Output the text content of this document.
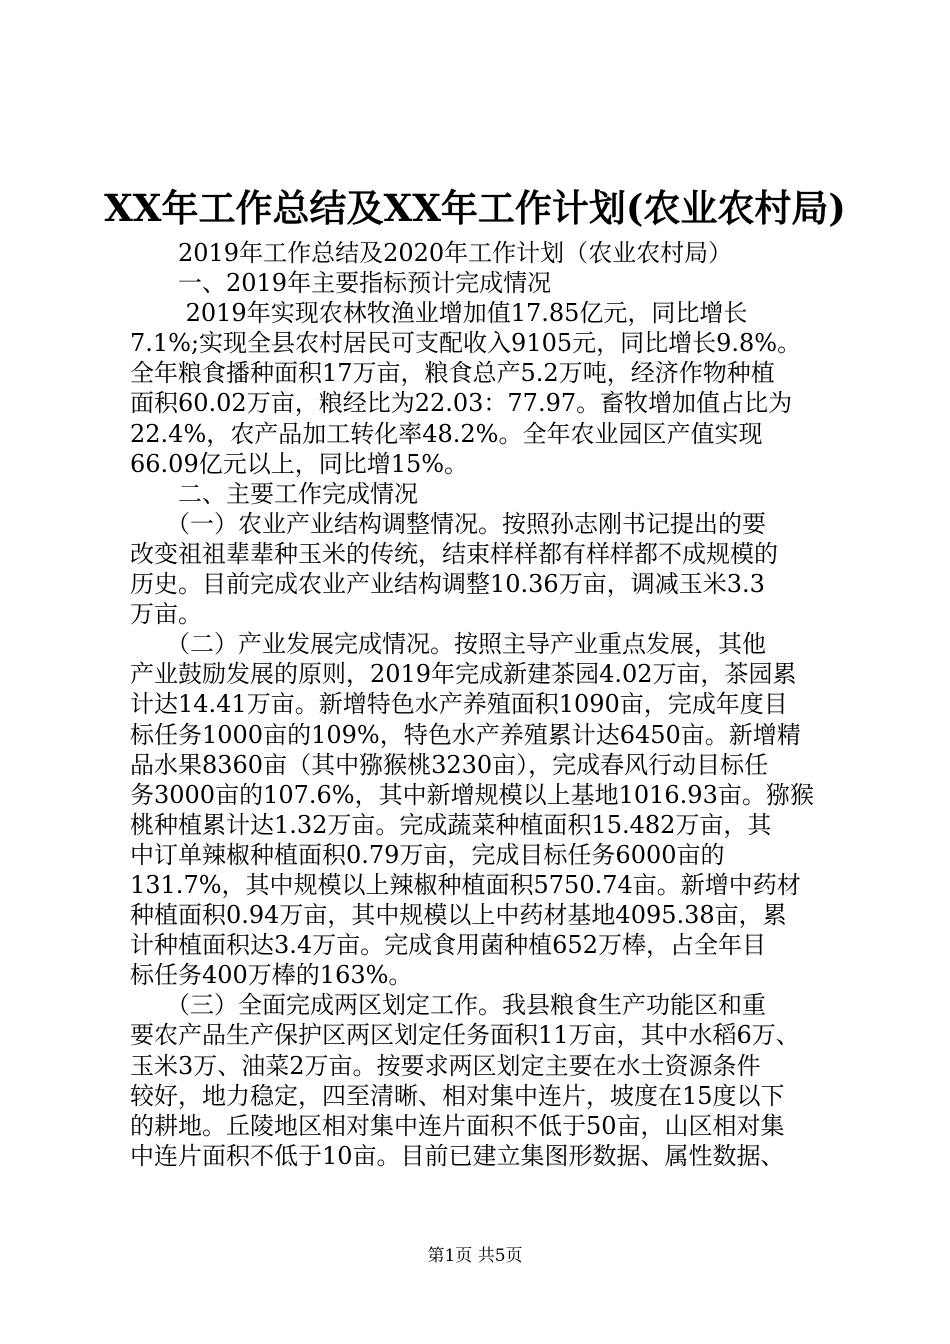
XX年工作总结及XX年工作计划(农业农村局)
　　2019年工作总结及2020年工作计划（农业农村局）
　　一、2019年主要指标预计完成情况
　　 2019年实现农林牧渔业增加值17.85亿元，同比增长
7.1%;实现全县农村居民可支配收入9105元，同比增长9.8%。
全年粮食播种面积17万亩，粮食总产5.2万吨，经济作物种植
面积60.02万亩，粮经比为22.03：77.97。畜牧增加值占比为
22.4%，农产品加工转化率48.2%。全年农业园区产值实现
66.09亿元以上，同比增15%。
　　二、主要工作完成情况
　　（一）农业产业结构调整情况。按照孙志刚书记提出的要
改变祖祖辈辈种玉米的传统，结束样样都有样样都不成规模的
历史。目前完成农业产业结构调整10.36万亩，调减玉米3.3
万亩。
　　（二）产业发展完成情况。按照主导产业重点发展，其他
产业鼓励发展的原则，2019年完成新建茶园4.02万亩，茶园累
计达14.41万亩。新增特色水产养殖面积1090亩，完成年度目
标任务1000亩的109%，特色水产养殖累计达6450亩。新增精
品水果8360亩（其中猕猴桃3230亩），完成春风行动目标任
务3000亩的107.6%，其中新增规模以上基地1016.93亩。猕猴
桃种植累计达1.32万亩。完成蔬菜种植面积15.482万亩，其
中订单辣椒种植面积0.79万亩，完成目标任务6000亩的
131.7%，其中规模以上辣椒种植面积5750.74亩。新增中药材
种植面积0.94万亩，其中规模以上中药材基地4095.38亩，累
计种植面积达3.4万亩。完成食用菌种植652万棒，占全年目
标任务400万棒的163%。
　　（三）全面完成两区划定工作。我县粮食生产功能区和重
要农产品生产保护区两区划定任务面积11万亩，其中水稻6万、
玉米3万、油菜2万亩。按要求两区划定主要在水士资源条件
较好，地力稳定，四至清晰、相对集中连片，坡度在15度以下
的耕地。丘陵地区相对集中连片面积不低于50亩，山区相对集
中连片面积不低于10亩。目前已建立集图形数据、属性数据、
第1页 共5页
